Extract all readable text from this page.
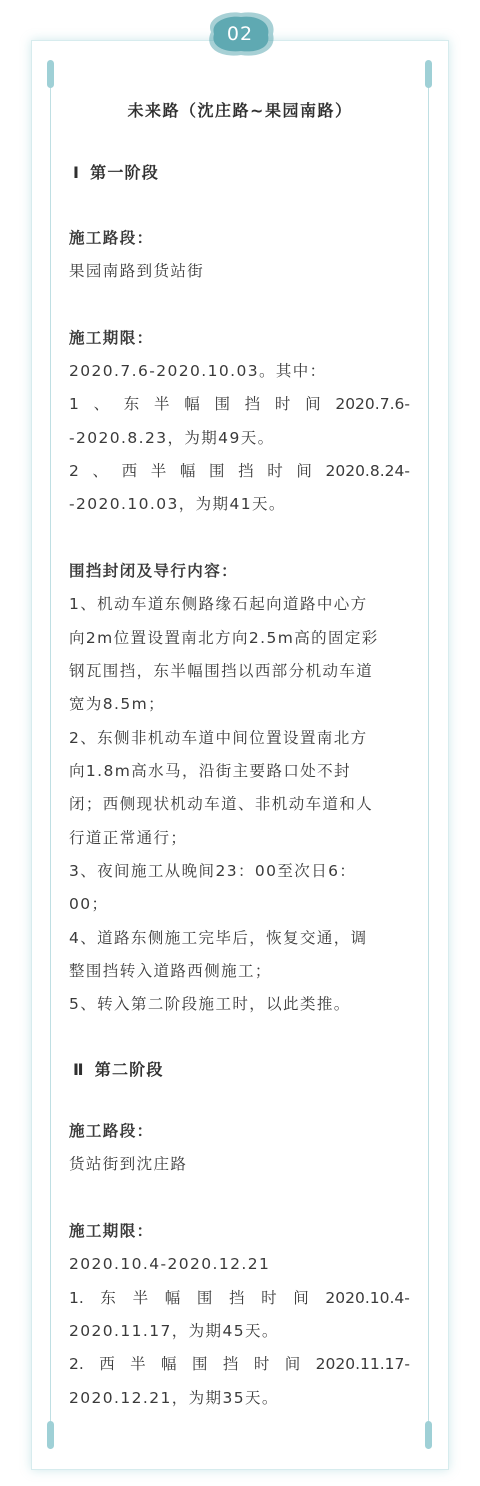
02
未来路（沈庄路~果园南路）
Ⅰ 第一阶段
施工路段：
果园南路到货站街
施工期限：
2020.7.6-2020.10.03。其中：
1 、 东 半 幅 围 挡 时 间 2020.7.6-
-2020.8.23，为期49天。
2 、 西 半 幅 围 挡 时 间 2020.8.24-
-2020.10.03，为期41天。
围挡封闭及导行内容：
1、机动车道东侧路缘石起向道路中心方
向2m位置设置南北方向2.5m高的固定彩
钢瓦围挡，东半幅围挡以西部分机动车道
宽为8.5m；
2、东侧非机动车道中间位置设置南北方
向1.8m高水马，沿街主要路口处不封
闭；西侧现状机动车道、非机动车道和人
行道正常通行；
3、夜间施工从晚间23：00至次日6：
00；
4、道路东侧施工完毕后，恢复交通，调
整围挡转入道路西侧施工；
5、转入第二阶段施工时，以此类推。
Ⅱ 第二阶段
施工路段：
货站街到沈庄路
施工期限：
2020.10.4-2020.12.21
1. 东 半 幅 围 挡 时 间 2020.10.4-
2020.11.17，为期45天。
2. 西 半 幅 围 挡 时 间 2020.11.17-
2020.12.21，为期35天。
